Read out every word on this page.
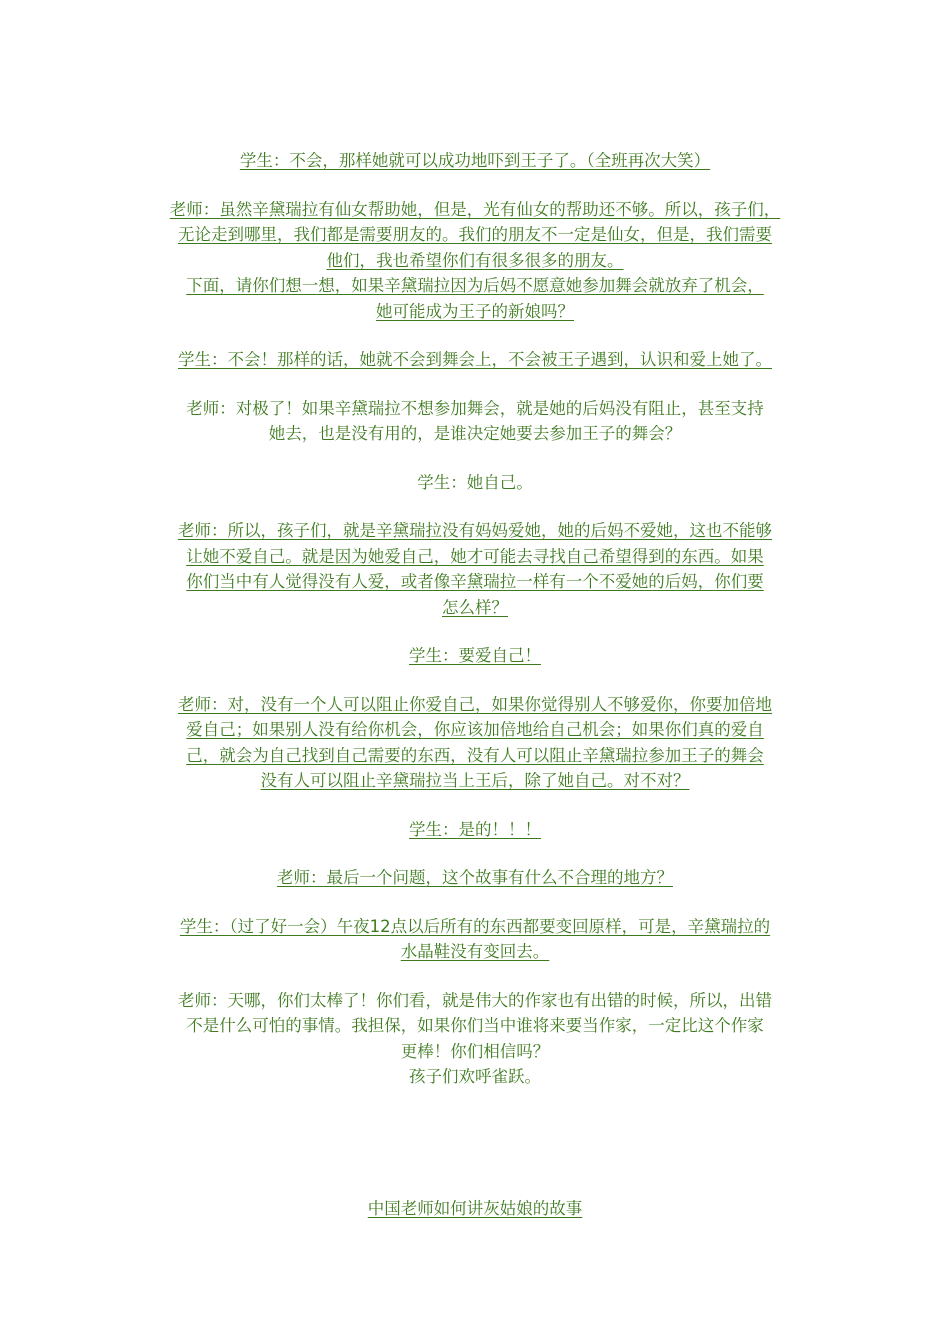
学生：不会，那样她就可以成功地吓到王子了。（全班再次大笑）
老师：虽然辛黛瑞拉有仙女帮助她，但是，光有仙女的帮助还不够。所以，孩子们，
无论走到哪里，我们都是需要朋友的。我们的朋友不一定是仙女，但是，我们需要
他们，我也希望你们有很多很多的朋友。
下面，请你们想一想，如果辛黛瑞拉因为后妈不愿意她参加舞会就放弃了机会，
她可能成为王子的新娘吗？
学生：不会！那样的话，她就不会到舞会上，不会被王子遇到，认识和爱上她了。
老师：对极了！如果辛黛瑞拉不想参加舞会，就是她的后妈没有阻止，甚至支持
她去，也是没有用的，是谁决定她要去参加王子的舞会？
学生：她自己。
老师：所以，孩子们，就是辛黛瑞拉没有妈妈爱她，她的后妈不爱她，这也不能够
让她不爱自己。就是因为她爱自己，她才可能去寻找自己希望得到的东西。如果
你们当中有人觉得没有人爱，或者像辛黛瑞拉一样有一个不爱她的后妈，你们要
怎么样？
学生：要爱自己！
老师：对，没有一个人可以阻止你爱自己，如果你觉得别人不够爱你，你要加倍地
爱自己；如果别人没有给你机会，你应该加倍地给自己机会；如果你们真的爱自
己，就会为自己找到自己需要的东西，没有人可以阻止辛黛瑞拉参加王子的舞会
没有人可以阻止辛黛瑞拉当上王后，除了她自己。对不对？
学生：是的！！！
老师：最后一个问题，这个故事有什么不合理的地方？
学生：（过了好一会）午夜12点以后所有的东西都要变回原样，可是，辛黛瑞拉的
水晶鞋没有变回去。
老师：天哪，你们太棒了！你们看，就是伟大的作家也有出错的时候，所以，出错
不是什么可怕的事情。我担保，如果你们当中谁将来要当作家，一定比这个作家
更棒！你们相信吗？
孩子们欢呼雀跃。
中国老师如何讲灰姑娘的故事
